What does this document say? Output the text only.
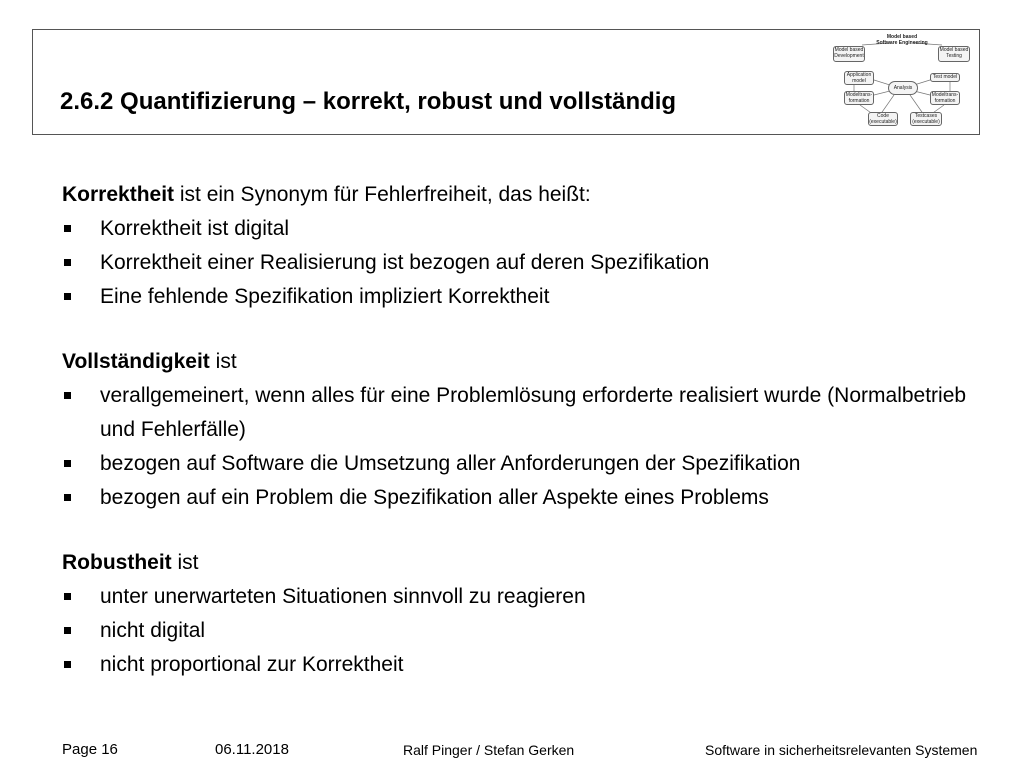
2.6.2 Quantifizierung – korrekt, robust und vollständig
Model based
Software Engineering
Model based Development
Model based Testing
Application model
Test model
Analysis
Modeltrans-formation
Modeltrans-formation
Code (executable)
Testcases (executable)
Korrektheit ist ein Synonym für Fehlerfreiheit, das heißt:
Korrektheit ist digital
Korrektheit einer Realisierung ist bezogen auf deren Spezifikation
Eine fehlende Spezifikation impliziert Korrektheit
Vollständigkeit ist
verallgemeinert, wenn alles für eine Problemlösung erforderte realisiert wurde (Normalbetrieb und Fehlerfälle)
bezogen auf Software die Umsetzung aller Anforderungen der Spezifikation
bezogen auf ein Problem die Spezifikation aller Aspekte eines Problems
Robustheit ist
unter unerwarteten Situationen sinnvoll zu reagieren
nicht digital
nicht proportional zur Korrektheit
Page 16	06.11.2018	Ralf Pinger / Stefan Gerken	Software in sicherheitsrelevanten Systemen
